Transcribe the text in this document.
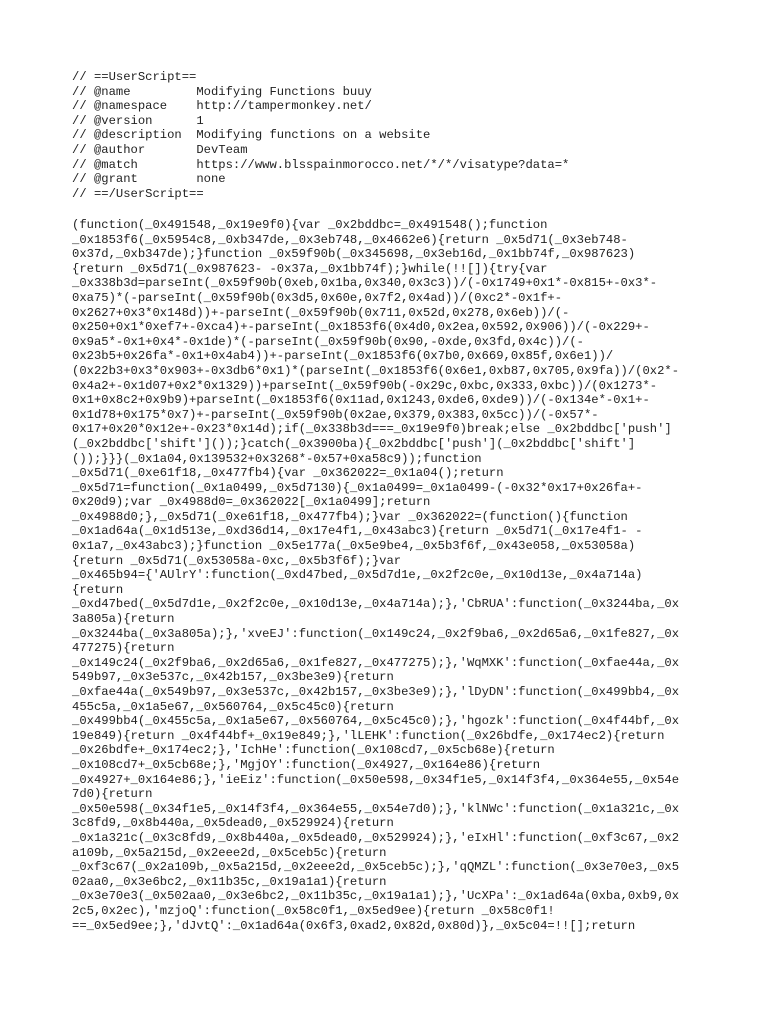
// ==UserScript==
// @name         Modifying Functions buuy
// @namespace    http://tampermonkey.net/
// @version      1
// @description  Modifying functions on a website
// @author       DevTeam
// @match        https://www.blsspainmorocco.net/*/*/visatype?data=*
// @grant        none
// ==/UserScript==
(function(_0x491548,_0x19e9f0){var _0x2bddbc=_0x491548();function
_0x1853f6(_0x5954c8,_0xb347de,_0x3eb748,_0x4662e6){return _0x5d71(_0x3eb748-
0x37d,_0xb347de);}function _0x59f90b(_0x345698,_0x3eb16d,_0x1bb74f,_0x987623)
{return _0x5d71(_0x987623- -0x37a,_0x1bb74f);}while(!![]){try{var
_0x338b3d=parseInt(_0x59f90b(0xeb,0x1ba,0x340,0x3c3))/(-0x1749+0x1*-0x815+-0x3*-
0xa75)*(-parseInt(_0x59f90b(0x3d5,0x60e,0x7f2,0x4ad))/(0xc2*-0x1f+-
0x2627+0x3*0x148d))+-parseInt(_0x59f90b(0x711,0x52d,0x278,0x6eb))/(-
0x250+0x1*0xef7+-0xca4)+-parseInt(_0x1853f6(0x4d0,0x2ea,0x592,0x906))/(-0x229+-
0x9a5*-0x1+0x4*-0x1de)*(-parseInt(_0x59f90b(0x90,-0xde,0x3fd,0x4c))/(-
0x23b5+0x26fa*-0x1+0x4ab4))+-parseInt(_0x1853f6(0x7b0,0x669,0x85f,0x6e1))/
(0x22b3+0x3*0x903+-0x3db6*0x1)*(parseInt(_0x1853f6(0x6e1,0xb87,0x705,0x9fa))/(0x2*-
0x4a2+-0x1d07+0x2*0x1329))+parseInt(_0x59f90b(-0x29c,0xbc,0x333,0xbc))/(0x1273*-
0x1+0x8c2+0x9b9)+parseInt(_0x1853f6(0x11ad,0x1243,0xde6,0xde9))/(-0x134e*-0x1+-
0x1d78+0x175*0x7)+-parseInt(_0x59f90b(0x2ae,0x379,0x383,0x5cc))/(-0x57*-
0x17+0x20*0x12e+-0x23*0x14d);if(_0x338b3d===_0x19e9f0)break;else _0x2bddbc['push']
(_0x2bddbc['shift']());}catch(_0x3900ba){_0x2bddbc['push'](_0x2bddbc['shift']
());}}}(_0x1a04,0x139532+0x3268*-0x57+0xa58c9));function
_0x5d71(_0xe61f18,_0x477fb4){var _0x362022=_0x1a04();return
_0x5d71=function(_0x1a0499,_0x5d7130){_0x1a0499=_0x1a0499-(-0x32*0x17+0x26fa+-
0x20d9);var _0x4988d0=_0x362022[_0x1a0499];return
_0x4988d0;},_0x5d71(_0xe61f18,_0x477fb4);}var _0x362022=(function(){function
_0x1ad64a(_0x1d513e,_0xd36d14,_0x17e4f1,_0x43abc3){return _0x5d71(_0x17e4f1- -
0x1a7,_0x43abc3);}function _0x5e177a(_0x5e9be4,_0x5b3f6f,_0x43e058,_0x53058a)
{return _0x5d71(_0x53058a-0xc,_0x5b3f6f);}var
_0x465b94={'AUlrY':function(_0xd47bed,_0x5d7d1e,_0x2f2c0e,_0x10d13e,_0x4a714a)
{return
_0xd47bed(_0x5d7d1e,_0x2f2c0e,_0x10d13e,_0x4a714a);},'CbRUA':function(_0x3244ba,_0x
3a805a){return
_0x3244ba(_0x3a805a);},'xveEJ':function(_0x149c24,_0x2f9ba6,_0x2d65a6,_0x1fe827,_0x
477275){return
_0x149c24(_0x2f9ba6,_0x2d65a6,_0x1fe827,_0x477275);},'WqMXK':function(_0xfae44a,_0x
549b97,_0x3e537c,_0x42b157,_0x3be3e9){return
_0xfae44a(_0x549b97,_0x3e537c,_0x42b157,_0x3be3e9);},'lDyDN':function(_0x499bb4,_0x
455c5a,_0x1a5e67,_0x560764,_0x5c45c0){return
_0x499bb4(_0x455c5a,_0x1a5e67,_0x560764,_0x5c45c0);},'hgozk':function(_0x4f44bf,_0x
19e849){return _0x4f44bf+_0x19e849;},'lLEHK':function(_0x26bdfe,_0x174ec2){return
_0x26bdfe+_0x174ec2;},'IchHe':function(_0x108cd7,_0x5cb68e){return
_0x108cd7+_0x5cb68e;},'MgjOY':function(_0x4927,_0x164e86){return
_0x4927+_0x164e86;},'ieEiz':function(_0x50e598,_0x34f1e5,_0x14f3f4,_0x364e55,_0x54e
7d0){return
_0x50e598(_0x34f1e5,_0x14f3f4,_0x364e55,_0x54e7d0);},'klNWc':function(_0x1a321c,_0x
3c8fd9,_0x8b440a,_0x5dead0,_0x529924){return
_0x1a321c(_0x3c8fd9,_0x8b440a,_0x5dead0,_0x529924);},'eIxHl':function(_0xf3c67,_0x2
a109b,_0x5a215d,_0x2eee2d,_0x5ceb5c){return
_0xf3c67(_0x2a109b,_0x5a215d,_0x2eee2d,_0x5ceb5c);},'qQMZL':function(_0x3e70e3,_0x5
02aa0,_0x3e6bc2,_0x11b35c,_0x19a1a1){return
_0x3e70e3(_0x502aa0,_0x3e6bc2,_0x11b35c,_0x19a1a1);},'UcXPa':_0x1ad64a(0xba,0xb9,0x
2c5,0x2ec),'mzjoQ':function(_0x58c0f1,_0x5ed9ee){return _0x58c0f1!
==_0x5ed9ee;},'dJvtQ':_0x1ad64a(0x6f3,0xad2,0x82d,0x80d)},_0x5c04=!![];return
